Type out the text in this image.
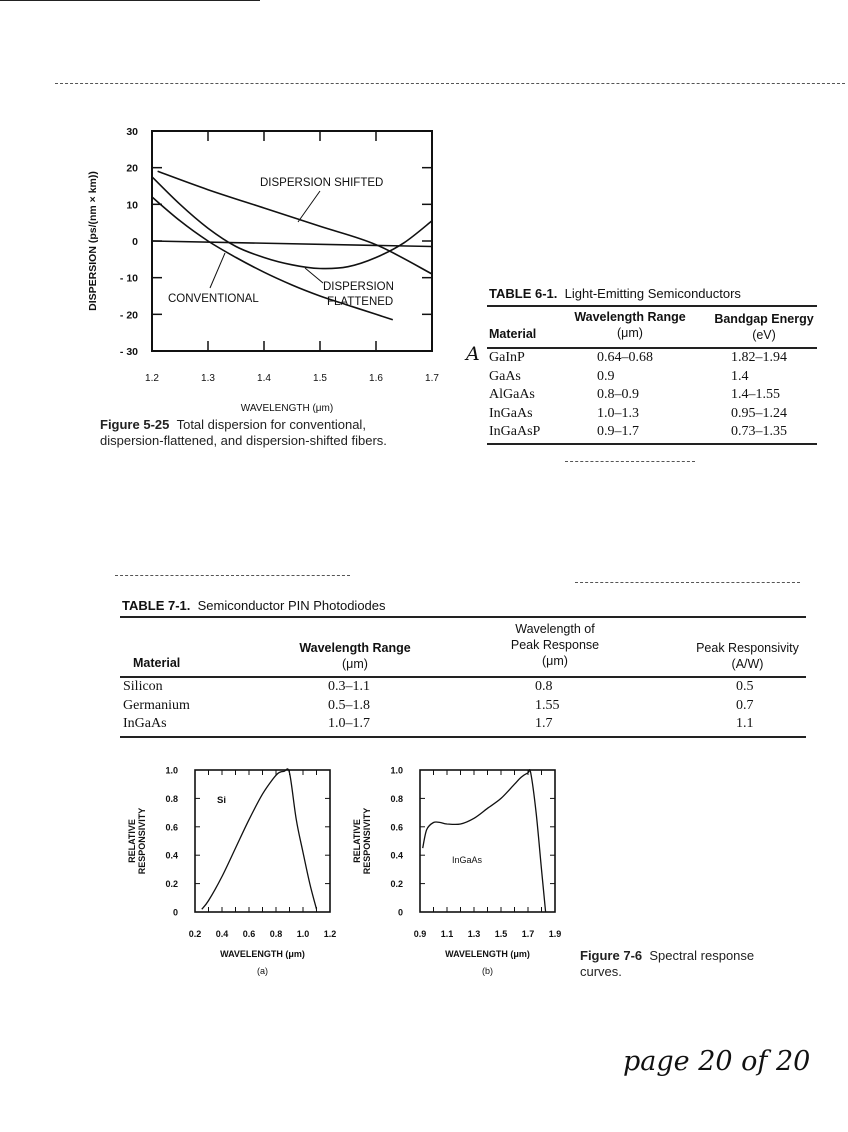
30
20
10
0
- 10
- 20
- 30
1.2	1.3	1.4	1.5	1.6	1.7
DISPERSION (ps/(nm × km))
WAVELENGTH (μm)
DISPERSION SHIFTED
CONVENTIONAL
DISPERSION
FLATTENED
Figure 5-25 Total dispersion for conventional,
dispersion-flattened, and dispersion-shifted fibers.
TABLE 6-1. Light-Emitting Semiconductors
Material
Wavelength Range
(μm)
Bandgap Energy
(eV)
GaInP	0.64–0.68	1.82–1.94
GaAs	0.9	1.4
AlGaAs	0.8–0.9	1.4–1.55
InGaAs	1.0–1.3	0.95–1.24
InGaAsP	0.9–1.7	0.73–1.35
A
TABLE 7-1. Semiconductor PIN Photodiodes
Material
Wavelength Range
(μm)
Wavelength of
Peak Response
(μm)
Peak Responsivity
(A/W)
Silicon	0.3–1.1	0.8	0.5
Germanium	0.5–1.8	1.55	0.7
InGaAs	1.0–1.7	1.7	1.1
1.0
0.8
0.6
0.4
0.2
0
0.2 0.4 0.6 0.8 1.0 1.2
RELATIVE RESPONSIVITY
WAVELENGTH (μm)
(a)
Si
1.0
0.8
0.6
0.4
0.2
0
0.9 1.1 1.3 1.5 1.7 1.9
RELATIVE RESPONSIVITY
WAVELENGTH (μm)
(b)
InGaAs
Figure 7-6 Spectral response
curves.
page 20 of 20
